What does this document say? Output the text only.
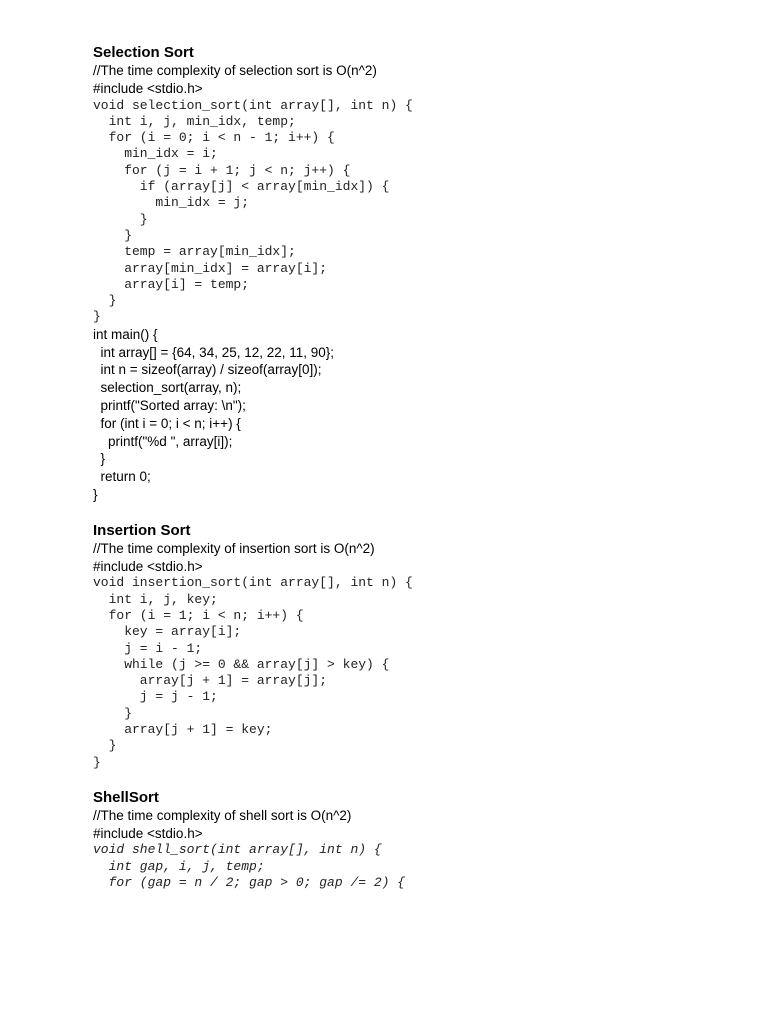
Selection Sort
//The time complexity of selection sort is O(n^2)
#include <stdio.h>
void selection_sort(int array[], int n) {
int i, j, min_idx, temp;
for (i = 0; i < n - 1; i++) {
min_idx = i;
for (j = i + 1; j < n; j++) {
if (array[j] < array[min_idx]) {
min_idx = j;
}
}
temp = array[min_idx];
array[min_idx] = array[i];
array[i] = temp;
}
}
int main() {
int array[] = {64, 34, 25, 12, 22, 11, 90};
int n = sizeof(array) / sizeof(array[0]);
selection_sort(array, n);
printf("Sorted array: \n");
for (int i = 0; i < n; i++) {
printf("%d ", array[i]);
}
return 0;
}
Insertion Sort
//The time complexity of insertion sort is O(n^2)
#include <stdio.h>
void insertion_sort(int array[], int n) {
int i, j, key;
for (i = 1; i < n; i++) {
key = array[i];
j = i - 1;
while (j >= 0 && array[j] > key) {
array[j + 1] = array[j];
j = j - 1;
}
array[j + 1] = key;
}
}
ShellSort
//The time complexity of shell sort is O(n^2)
#include <stdio.h>
void shell_sort(int array[], int n) {
int gap, i, j, temp;
for (gap = n / 2; gap > 0; gap /= 2) {
